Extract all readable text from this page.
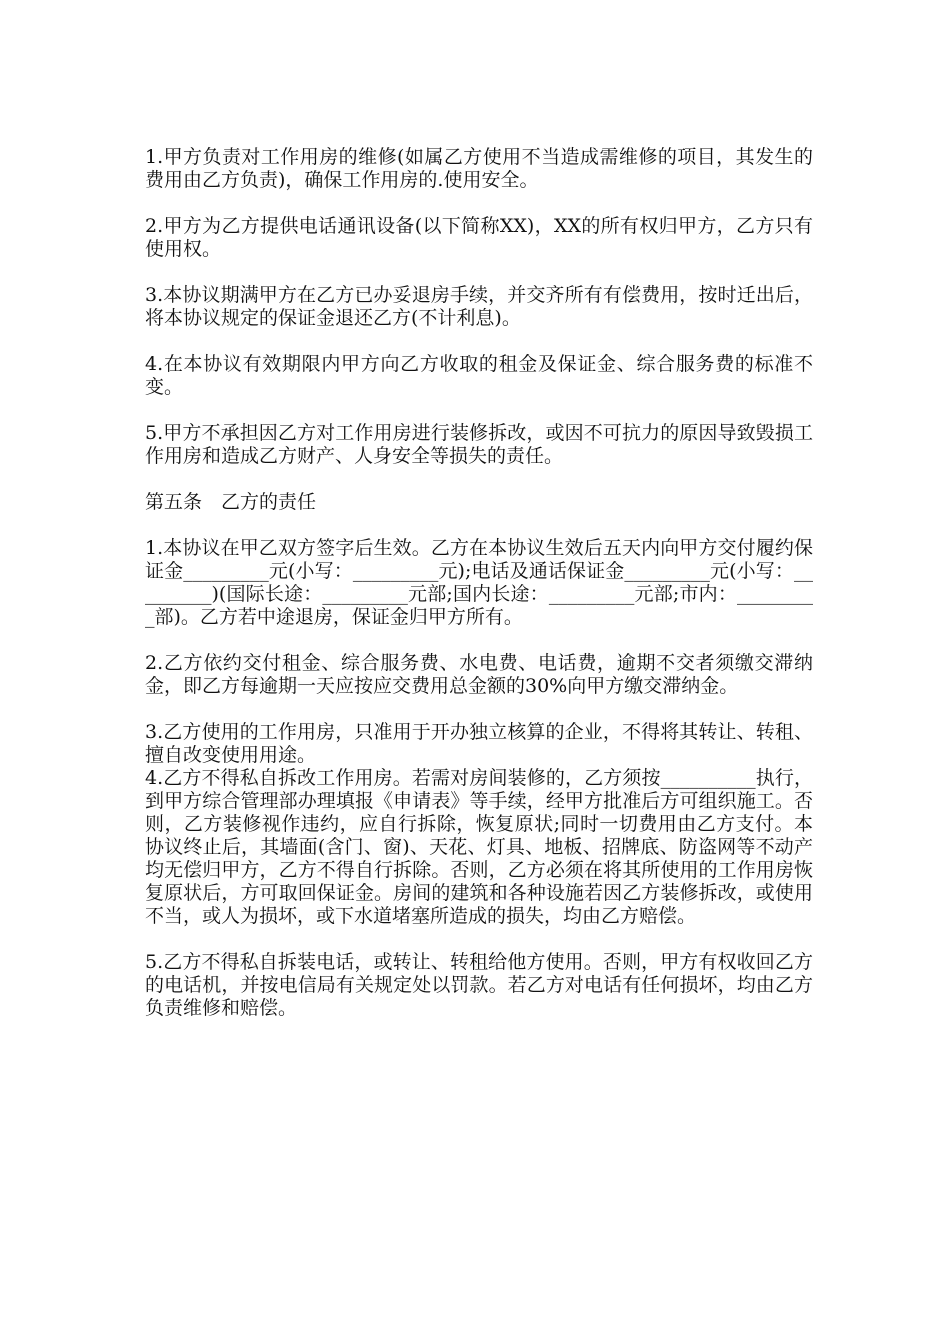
1.甲方负责对工作用房的维修(如属乙方使用不当造成需维修的项目，其发生的费用由乙方负责)，确保工作用房的.使用安全。

2.甲方为乙方提供电话通讯设备(以下简称XX)，XX的所有权归甲方，乙方只有使用权。

3.本协议期满甲方在乙方已办妥退房手续，并交齐所有有偿费用，按时迁出后，将本协议规定的保证金退还乙方(不计利息)。

4.在本协议有效期限内甲方向乙方收取的租金及保证金、综合服务费的标准不变。

5.甲方不承担因乙方对工作用房进行装修拆改，或因不可抗力的原因导致毁损工作用房和造成乙方财产、人身安全等损失的责任。

第五条　乙方的责任

1.本协议在甲乙双方签字后生效。乙方在本协议生效后五天内向甲方交付履约保证金_________元(小写：_________元);电话及通话保证金_________元(小写：_________)(国际长途：_________元部;国内长途：_________元部;市内：_________部)。乙方若中途退房，保证金归甲方所有。

2.乙方依约交付租金、综合服务费、水电费、电话费，逾期不交者须缴交滞纳金，即乙方每逾期一天应按应交费用总金额的30%向甲方缴交滞纳金。

3.乙方使用的工作用房，只准用于开办独立核算的企业，不得将其转让、转租、擅自改变使用用途。

4.乙方不得私自拆改工作用房。若需对房间装修的，乙方须按__________执行，到甲方综合管理部办理填报《申请表》等手续，经甲方批准后方可组织施工。否则，乙方装修视作违约，应自行拆除，恢复原状;同时一切费用由乙方支付。本协议终止后，其墙面(含门、窗)、天花、灯具、地板、招牌底、防盗网等不动产均无偿归甲方，乙方不得自行拆除。否则，乙方必须在将其所使用的工作用房恢复原状后，方可取回保证金。房间的建筑和各种设施若因乙方装修拆改，或使用不当，或人为损坏，或下水道堵塞所造成的损失，均由乙方赔偿。

5.乙方不得私自拆装电话，或转让、转租给他方使用。否则，甲方有权收回乙方的电话机，并按电信局有关规定处以罚款。若乙方对电话有任何损坏，均由乙方负责维修和赔偿。
